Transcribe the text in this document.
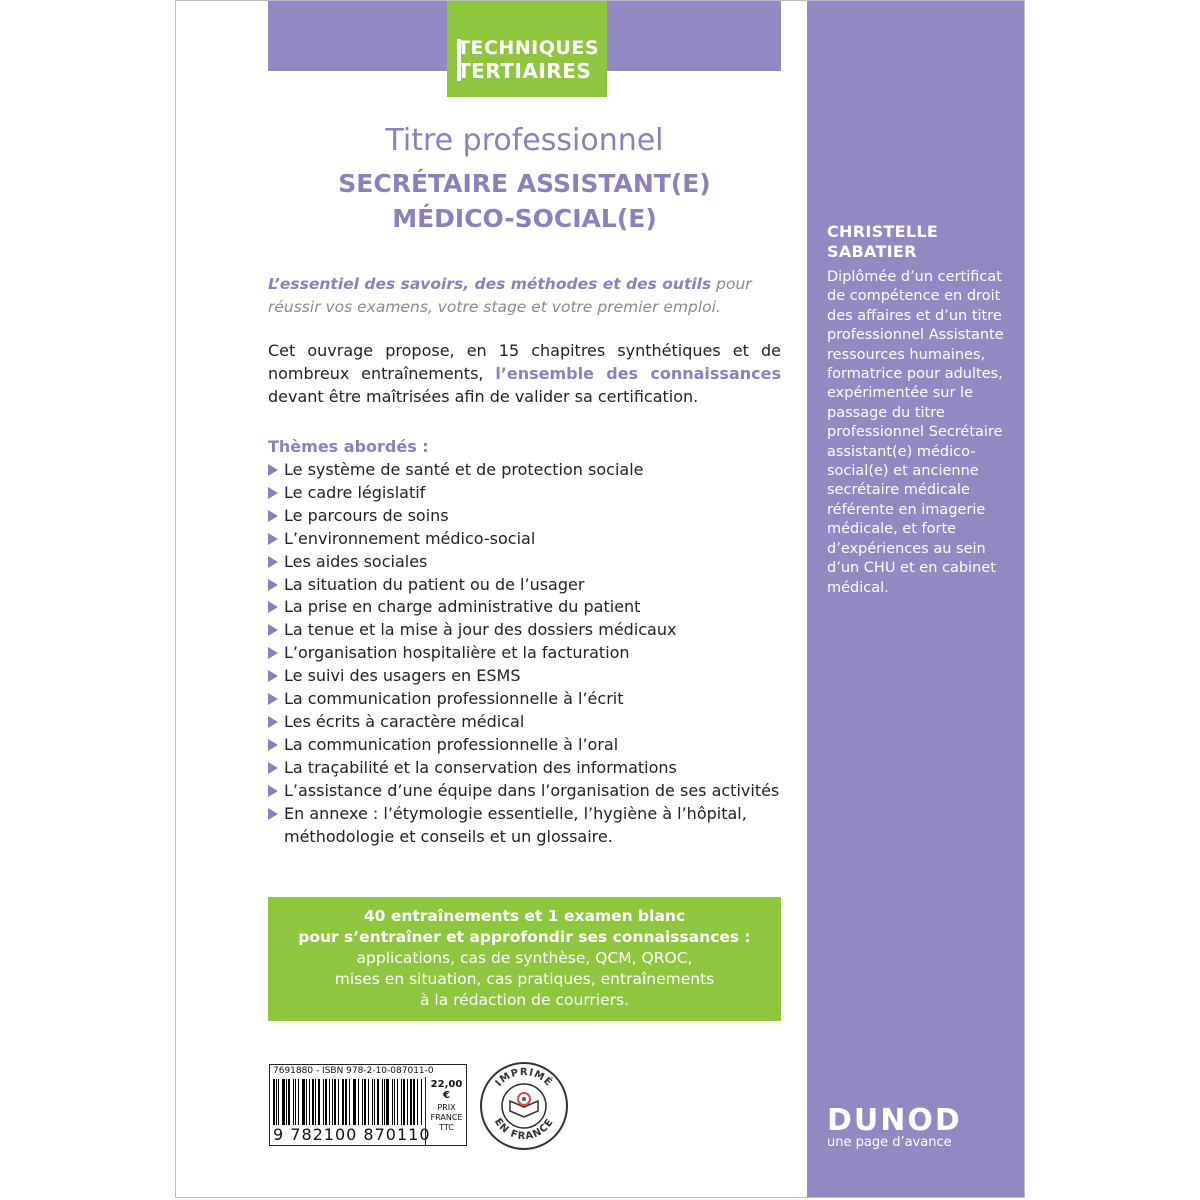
TECHNIQUES
TERTIAIRES
Titre professionnel
SECRÉTAIRE ASSISTANT(E)
MÉDICO-SOCIAL(E)
L’essentiel des savoirs, des méthodes et des outils pour réussir vos examens, votre stage et votre premier emploi.
Cet ouvrage propose, en 15 chapitres synthétiques et de nombreux entraînements, l’ensemble des connaissances devant être maîtrisées afin de valider sa certification.
Thèmes abordés :
Le système de santé et de protection sociale
Le cadre législatif
Le parcours de soins
L’environnement médico-social
Les aides sociales
La situation du patient ou de l’usager
La prise en charge administrative du patient
La tenue et la mise à jour des dossiers médicaux
L’organisation hospitalière et la facturation
Le suivi des usagers en ESMS
La communication professionnelle à l’écrit
Les écrits à caractère médical
La communication professionnelle à l’oral
La traçabilité et la conservation des informations
L’assistance d’une équipe dans l’organisation de ses activités
En annexe : l’étymologie essentielle, l’hygiène à l’hôpital, méthodologie et conseils et un glossaire.
40 entraînements et 1 examen blanc
pour s’entraîner et approfondir ses connaissances :
applications, cas de synthèse, QCM, QROC,
mises en situation, cas pratiques, entraînements
à la rédaction de courriers.
7691880 - ISBN 978-2-10-087011-0
9 782100 870110
22,00 €
PRIX
FRANCE
TTC
IMPRIMÉ
EN FRANCE
CHRISTELLE
SABATIER
Diplômée d’un certificat de compétence en droit des affaires et d’un titre professionnel Assistante ressources humaines, formatrice pour adultes, expérimentée sur le passage du titre professionnel Secrétaire assistant(e) médico-social(e) et ancienne secrétaire médicale référente en imagerie médicale, et forte d’expériences au sein d’un CHU et en cabinet médical.
DUNOD
une page d’avance
